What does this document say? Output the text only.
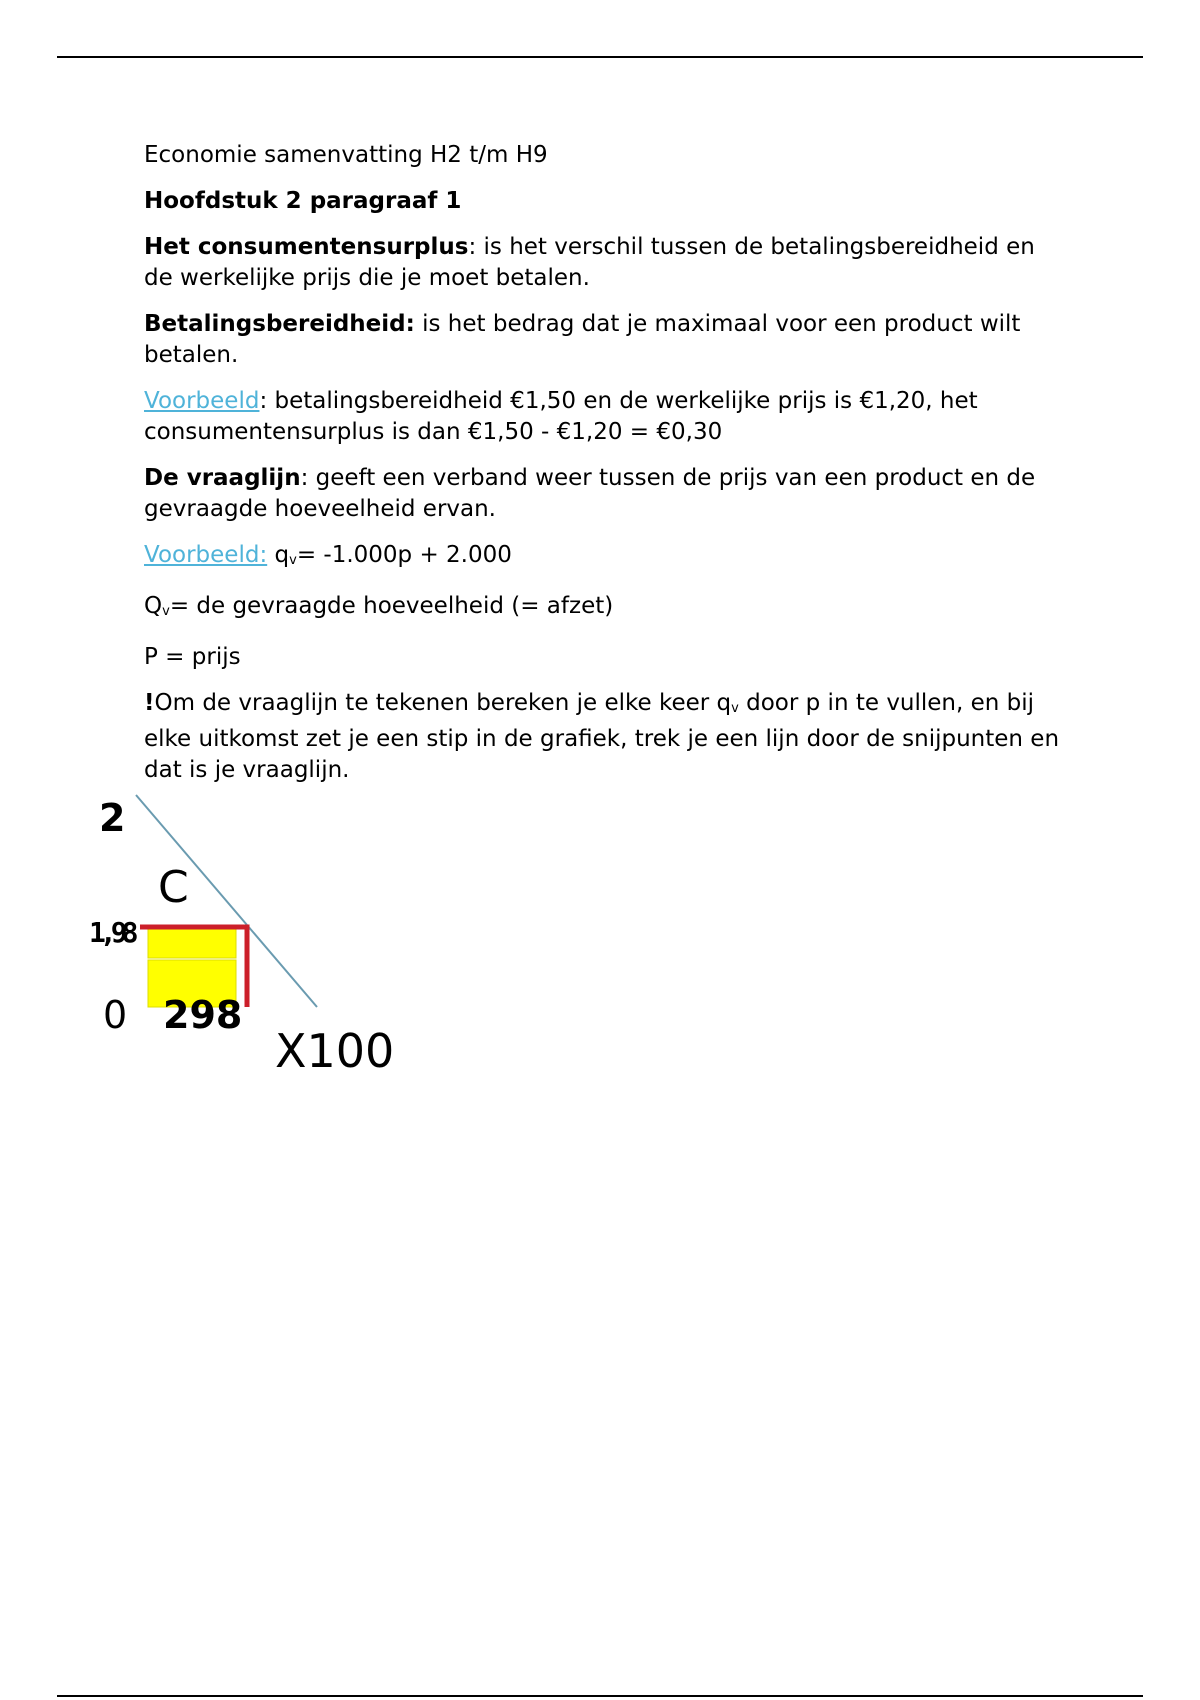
Economie samenvatting H2 t/m H9

Hoofdstuk 2 paragraaf 1

Het consumentensurplus: is het verschil tussen de betalingsbereidheid en de werkelijke prijs die je moet betalen.

Betalingsbereidheid: is het bedrag dat je maximaal voor een product wilt betalen.

Voorbeeld: betalingsbereidheid €1,50 en de werkelijke prijs is €1,20, het consumentensurplus is dan €1,50 - €1,20 = €0,30

De vraaglijn: geeft een verband weer tussen de prijs van een product en de gevraagde hoeveelheid ervan.

Voorbeeld: qv= -1.000p + 2.000

Qv= de gevraagde hoeveelheid (= afzet)

P = prijs

!Om de vraaglijn te tekenen bereken je elke keer qv door p in te vullen, en bij elke uitkomst zet je een stip in de grafiek, trek je een lijn door de snijpunten en dat is je vraaglijn.

2
C
1,98
0 298
X100
